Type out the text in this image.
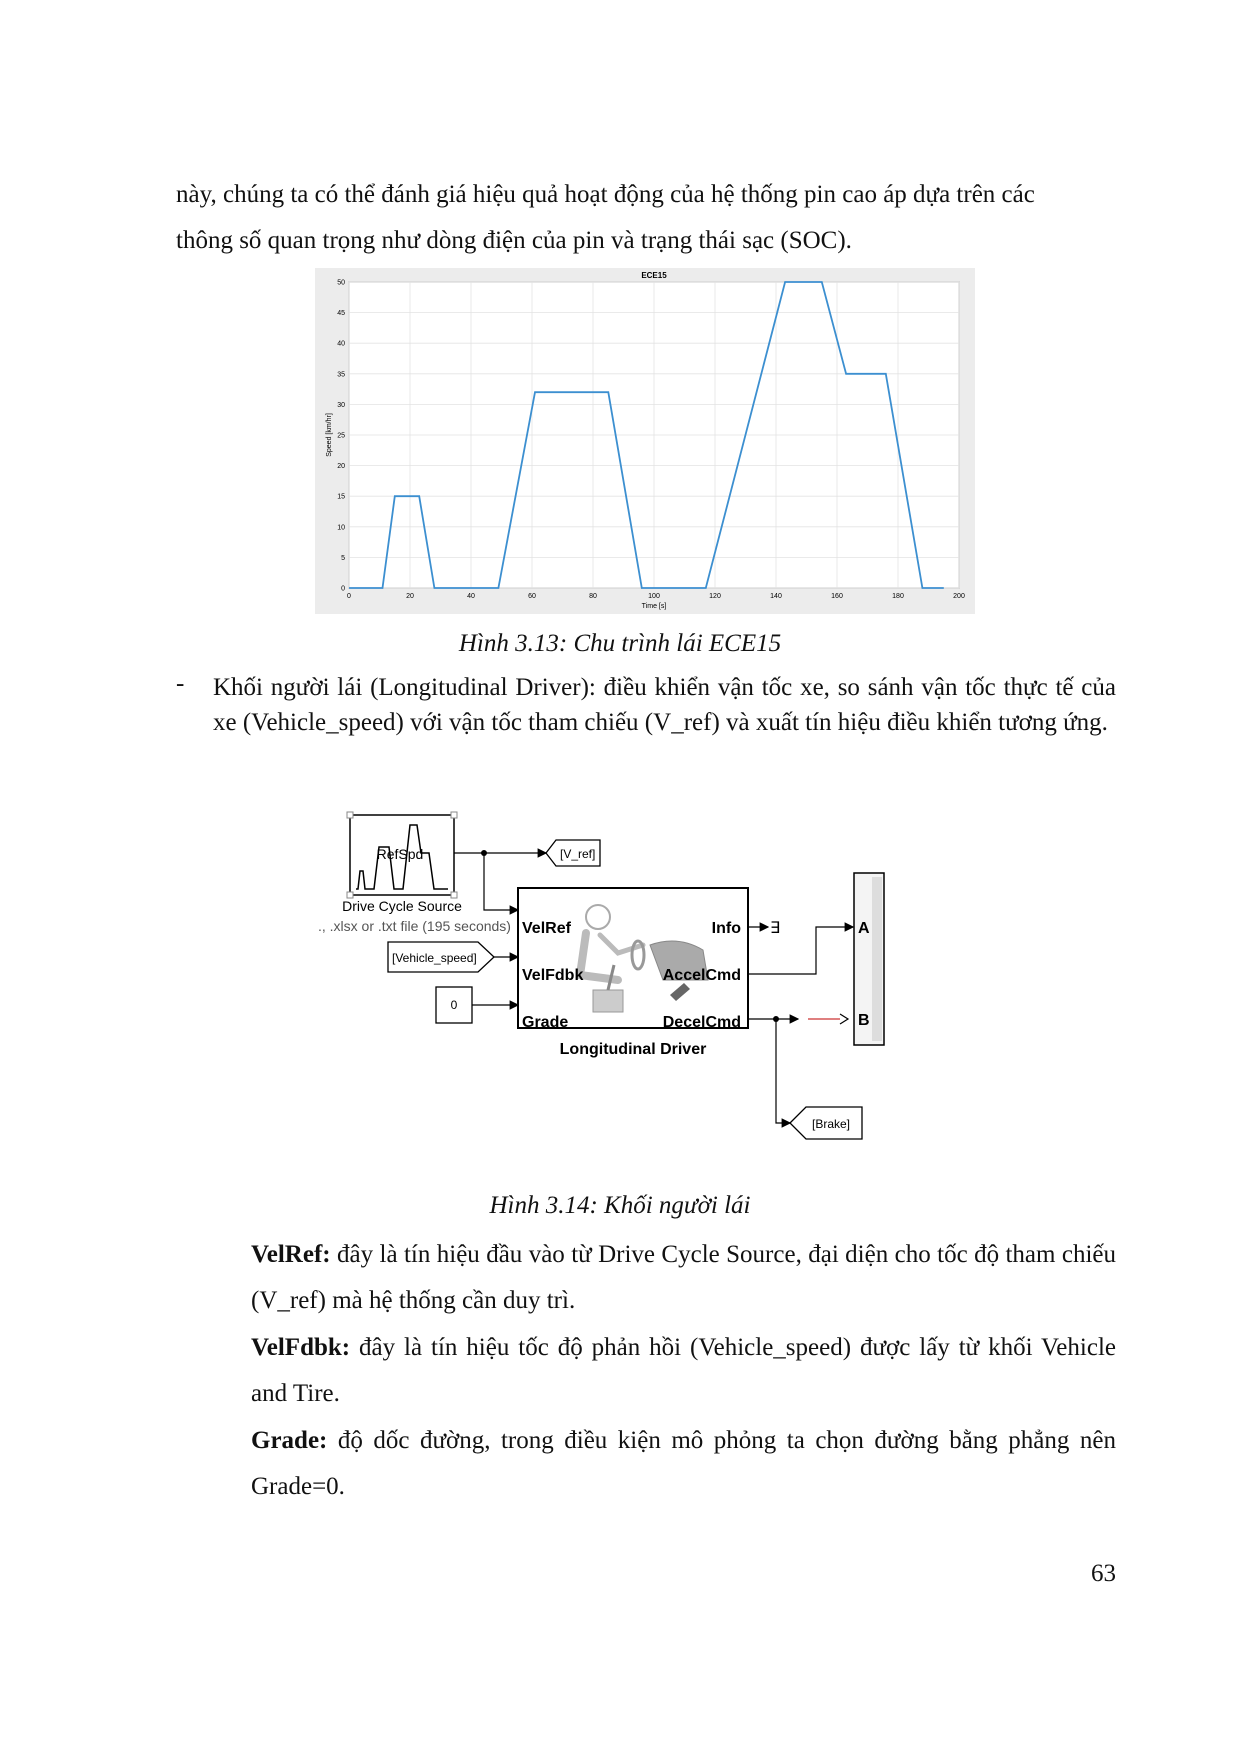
này, chúng ta có thể đánh giá hiệu quả hoạt động của hệ thống pin cao áp dựa trên các
thông số quan trọng như dòng điện của pin và trạng thái sạc (SOC).
0	20	40	60	80	100	120	140	160	180	200
0
5
10
15
20
25
30
35
40
45
50
ECE15
Time [s]
Speed [km/hr]
Hình 3.13: Chu trình lái ECE15
- Khối người lái (Longitudinal Driver): điều khiển vận tốc xe, so sánh vận tốc thực tế của xe (Vehicle_speed) với vận tốc tham chiếu (V_ref) và xuất tín hiệu điều khiển tương ứng.
RefSpd
Drive Cycle Source
., .xlsx or .txt file (195 seconds)
[V_ref]
[Vehicle_speed]
0
VelRef
VelFdbk
Grade
Info
AccelCmd
DecelCmd
Longitudinal Driver
∃
[Brake]
A
B
Hình 3.14: Khối người lái
VelRef: đây là tín hiệu đầu vào từ Drive Cycle Source, đại diện cho tốc độ tham chiếu (V_ref) mà hệ thống cần duy trì.
VelFdbk: đây là tín hiệu tốc độ phản hồi (Vehicle_speed) được lấy từ khối Vehicle and Tire.
Grade: độ dốc đường, trong điều kiện mô phỏng ta chọn đường bằng phẳng nên Grade=0.
63
